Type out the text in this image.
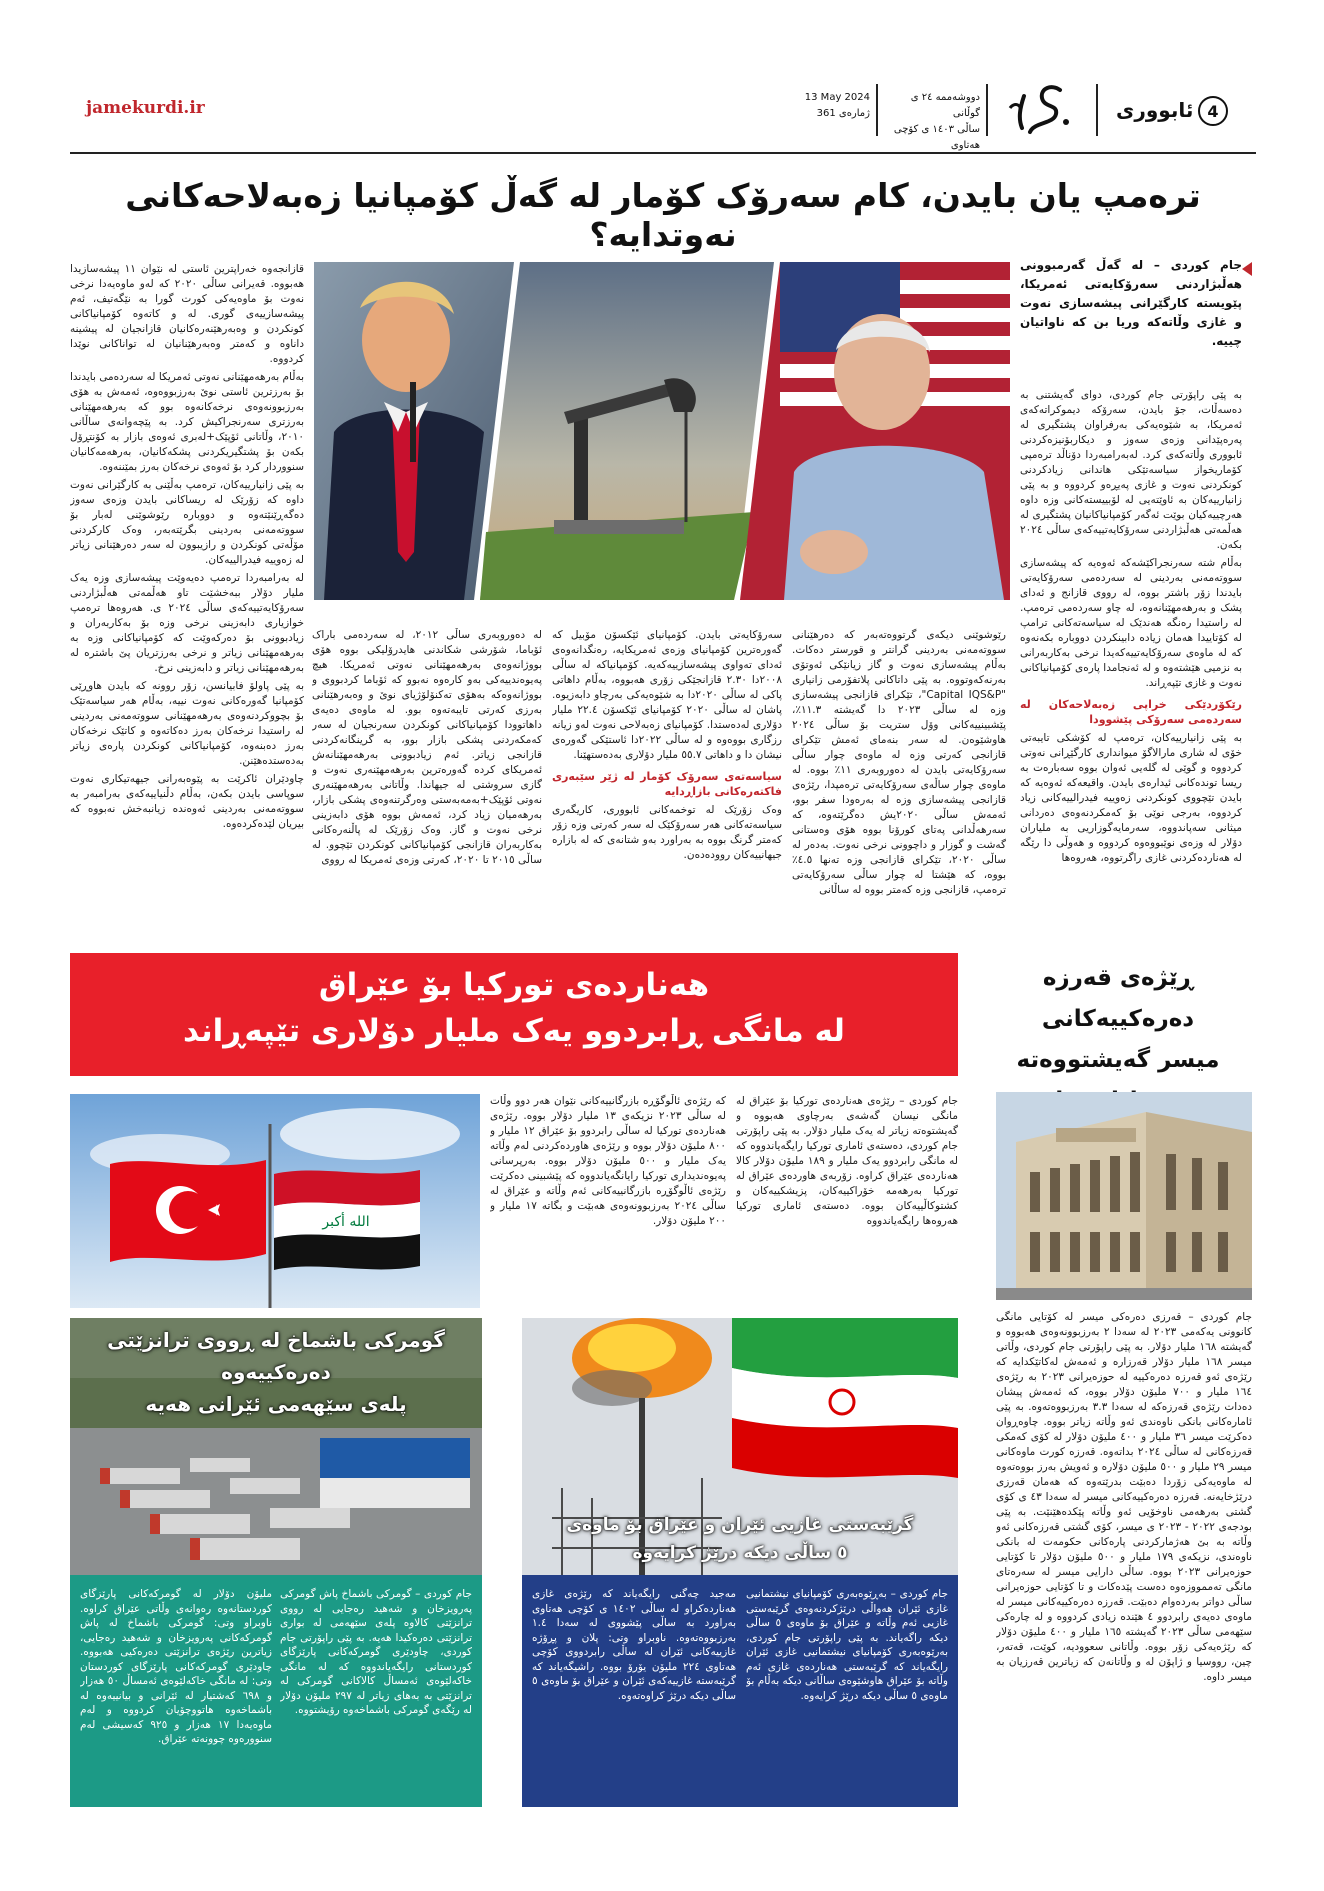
4
ئابووری
دووشەممە ٢٤ ی گوڵانی
ساڵی ١٤٠٣ ی کۆچی هەتاوی
13 May 2024
ژمارەی 361
jamekurdi.ir
ترەمپ یان بایدن، کام سەرۆک کۆمار لە گەڵ کۆمپانیا زەبەلاحەکانی نەوتدایە؟
جام کوردی – لە گەڵ گەرمبوونی هەڵبژاردنی سەرۆکایەتی ئەمریکا، پێویستە کارگێرانی پیشەسازی نەوت و غازی وڵاتەکە وریا بن کە ناواتیان چییە.

بە پێی راپۆرتی جام کوردی، دوای گەیشتنی بە دەسەڵات، جۆ بایدن، سەرۆکە دیموکراتەکەی ئەمریکا، بە شێوەیەکی بەرفراوان پشتگیری لە پەرەپێدانی وزەی سەوز و دیکاربۆنیزەکردنی ئابووری وڵاتەکەی کرد. لەبەرامبەردا دۆناڵد ترەمپی کۆماریخواز سیاسەتێکی هاندانی زیادکردنی کونکردنی نەوت و غازی پەیڕەو کردووە و بە پێی زانیارییەکان بە ئاوێتەیی لە لۆبییستەکانی وزە داوە هەرچییەکیان بوێت ئەگەر کۆمپانیاکانیان پشتگیری لە هەڵمەتی هەڵبژاردنی سەرۆکایەتییەکەی ساڵی ٢٠٢٤ بکەن.

بەڵام شتە سەرنجراکێشەکە ئەوەیە کە پیشەسازی سووتەمەنی بەردینی لە سەردەمی سەرۆکایەتی بایدندا زۆر باشتر بووە، لە رووی قازانج و ئەدای پشک و بەرهەمهێنانەوە، لە چاو سەردەمی ترەمپ. لە راستیدا رەنگە هەندێک لە سیاسەتەکانی ترامپ لە کۆتاییدا هەمان زیادە دابینکردن دووبارە بکەنەوە کە لە ماوەی سەرۆکایەتییەکەیدا نرخی بەکاربەرانی بە نزمیی هێشتەوە و لە ئەنجامدا پارەی کۆمپانیاکانی نەوت و غازی تێپەڕاند.

رێکۆردێکی خراپی زەبەلاحەکان لە سەردەمی سەرۆکی پێشوودا

بە پێی زانیارییەکان، ترەمپ لە کۆشکی تایبەتی خۆی لە شاری مارالاگۆ میوانداری کارگێڕانی نەوتی کردووە و گوێی لە گلەیی ئەوان بووە سەبارەت بە ریسا توندەکانی ئیدارەی بایدن. واقیعەکە ئەوەیە کە بایدن تێچووی کونکردنی زەوییە فیدرالییەکانی زیاد کردووە، بەرجی نوێی بۆ کەمکردنەوەی دەردانی میثانی سەپاندووە، سەرمایەگوزاریی بە ملیاران دۆلار لە وزەی نوێبووەوە کردووە و هەوڵی دا رێگە لە هەناردەکردنی غازی راگرتووە، هەروەها

رێوشوێنی دیکەی گرتووەتەبەر کە دەرهێنانی سووتەمەنی بەردینی گرانتر و قورستر دەکات. بەڵام پیشەسازی نەوت و گاز زیانێکی ئەوتۆی بەرنەکەوتووە. بە پێی داتاکانی پلاتفۆرمی زانیاری "Capital IQS&P"، تێکرای قازانجی پیشەسازی وزە لە ساڵی ٢٠٢٣ دا گەیشتە ١١.٣٪، پێشبینییەکانی وۆل ستریت بۆ ساڵی ٢٠٢٤ هاوشێوەن. لە سەر بنەمای ئەمش تێکرای قازانجی کەرتی وزە لە ماوەی چوار ساڵی سەرۆکایەتی بایدن لە دەوروبەری ١١٪ بووە. لە ماوەی چوار ساڵەی سەرۆکایەتی ترەمپدا، رێژەی قازانجی پیشەسازی وزە لە بەرەودا سفر بوو، ئەمەش ساڵی ٢٠٢٠یش دەگرێتەوە، کە سەرهەڵدانی پەتای کورۆنا بووە هۆی وەستانی گەشت و گوزار و داچوونی نرخی نەوت. بەدەر لە ساڵی ٢٠٢٠، تێکرای قازانجی وزە تەنها ٤.٥٪ بووە، کە هێشتا لە چوار ساڵی سەرۆکایەتی ترەمپ، قازانجی وزە کەمتر بووە لە ساڵانی

سەرۆکایەتی بایدن. کۆمپانیای ئێکسۆن مۆبیل کە گەورەترین کۆمپانیای وزەی ئەمریکایە، رەنگدانەوەی ئەدای تەواوی پیشەسازییەکەیە. کۆمپانیاکە لە ساڵی ٢٠٠٨دا ٢.٣٠ قازانجێکی زۆری هەبووە، بەڵام داهاتی پاکی لە ساڵی ٢٠٢٠دا بە شێوەیەکی بەرچاو دابەزیوە. پاشان لە ساڵی ٢٠٢٠ کۆمپانیای ئێکسۆن ٢٢.٤ ملیار دۆلاری لەدەستدا. کۆمپانیای زەبەلاحی نەوت لەو زیانە رزگاری بووەوە و لە ساڵی ٢٠٢٢دا ئاستێکی گەورەی نیشان دا و داهاتی ٥٥.٧ ملیار دۆلاری بەدەستهێنا.

سیاسەتەی سەرۆک کۆمار لە ژێر سێبەری فاکتەرەکانی بازاڕدایە

وەک زۆرێک لە توخمەکانی ئابووری، کاریگەری سیاسەتەکانی هەر سەرۆکێک لە سەر کەرتی وزە زۆر کەمتر گرنگ بووە بە بەراورد بەو شتانەی کە لە بازارە جیهانییەکان روودەدەن.

لە دەوروبەری ساڵی ٢٠١٢، لە سەردەمی باراک ئۆباما، شۆرشی شکاندنی هایدرۆلیکی بووە هۆی بووژانەوەی بەرهەمهێنانی نەوتی ئەمریکا. هیچ پەیوەندییەکی بەو کارەوە نەبوو کە ئۆباما کردبووی و بووژانەوەکە بەهۆی تەکنۆلۆژیای نوێ و وەبەرهێنانی بەرزی کەرتی تایبەتەوە بوو. لە ماوەی دەیەی داهاتوودا کۆمپانیاکانی کونکردن سەرنجیان لە سەر کەمکەردنی پشکی بازار بوو، بە گرینگانەکردنی قازانجی زیاتر. ئەم زیادبوونی بەرهەمهێنانەش ئەمریکای کردە گەورەترین بەرهەمهێنەری نەوت و گازی سروشتی لە جیهاندا. وڵاتانی بەرهەمهێنەری نەوتی ئۆپێک+بەمەبەستی وەرگرتنەوەی پشکی بازار، بەرهەمیان زیاد کرد، ئەمەش بووە هۆی دابەزینی نرخی نەوت و گاز. وەک زۆرێک لە پاڵنەرەکانی بەکاربەران قازانجی کۆمپانیاکانی کونکردن تێچوو. لە ساڵی ٢٠١٥ تا ٢٠٢٠، کەرتی وزەی ئەمریکا لە رووی

قازانجەوە خەراپترین ئاستی لە نێوان ١١ پیشەسازیدا هەبووە. قەیرانی ساڵی ٢٠٢٠ کە لەو ماوەیەدا نرخی نەوت بۆ ماوەیەکی کورت گورا بە نێگەتیف، ئەم پیشەسازییەی گوری. لە و کاتەوە کۆمپانیاکانی کونکردن و وەبەرهێنەرەکانیان قازانجیان لە پیشینە داناوە و کەمتر وەبەرهێنانیان لە تواناکانی نوێدا کردووە.

بەڵام بەرهەمهێنانی نەوتی ئەمریکا لە سەردەمی بایدندا بۆ بەرزترین ئاستی نوێ بەرزبووەوە، ئەمەش بە هۆی بەرزبوونەوەی نرخەکانەوە بوو کە بەرهەمهێنانی بەرزتری سەرنجراکیش کرد. بە پێچەوانەی ساڵانی ٢٠١٠، وڵاتانی ئۆپێک+لەبری ئەوەی بازار بە کۆنتڕۆل بکەن بۆ پشتگیریکردنی پشکەکانیان، بەرهەمەکانیان سنووردار کرد بۆ ئەوەی نرخەکان بەرز بمێننەوە.

بە پێی زانیارییەکان، ترەمپ بەڵێنی بە کارگێرانی نەوت داوە کە زۆرێک لە ریساکانی بایدن وزەی سەوز دەگەڕێنێتەوە و دووباره رێوشوێنی لەبار بۆ سووتەمەنی بەردینی بگرێتەبەر، وەک کارکردنی مۆڵەتی کونکردن و رازیبوون لە سەر دەرهێنانی زیاتر لە زەوییە فیدرالییەکان.

لە بەرامبەردا ترەمپ دەیەوێت پیشەسازی وزە یەک ملیار دۆلار ببەخشێت تاو هەڵمەتی هەڵبژاردنی سەرۆکایەتییەکەی ساڵی ٢٠٢٤ ی. هەروەها ترەمپ خوازیاری دابەزینی نرخی وزە بۆ بەکاربەران و زیادبوونی بۆ دەرکەوێت کە کۆمپانیاکانی وزە بە بەرهەمهێنانی زیاتر و نرخی بەرزتریان پێ باشترە لە بەرهەمهێنانی زیاتر و دابەزینی نرخ.

بە پێی پاولۆ فابیانسن، زۆر روونە کە بایدن هاوڕێی کۆمپانیا گەورەکانی نەوت نییە، بەڵام هەر سیاسەتێک بۆ بچووکردنەوەی بەرهەمهێنانی سووتەمەنی بەردینی لە راستیدا نرخەکان بەرز دەکاتەوە و کاتێک نرخەکان بەرز دەبنەوە، کۆمپانیاکانی کونکردن پارەی زیاتر بەدەستدەهێنن.

چاودێران ئاکرێت بە پێوەبەرانی جیهەتیکاری نەوت سوپاسی بایدن بکەن، بەڵام دڵنیاییەکەی بەرامبەر بە سووتەمەنی بەردینی ئەوەندە زیانبەخش نەبووە کە بیریان لێدەکردەوە.

هەناردەی تورکیا بۆ عێراق
لە مانگی ڕابردوو یەک ملیار دۆلاری تێپەڕاند

جام کوردی – رێژەی هەناردەی تورکیا بۆ عێراق لە مانگی نیسان گەشەی بەرچاوی هەبووە و گەیشتوەتە زیاتر لە یەک ملیار دۆلار. بە پێی راپۆرتی جام کوردی، دەستەی ئاماری تورکیا رایگەیاندووە کە لە مانگی رابردوو یەک ملیار و ١٨٩ ملیۆن دۆلار کالا هەناردەی عێراق کراوە. زۆربەی هاوردەی عێراق لە تورکیا بەرهەمە خۆراکییەکان، پزیشکییەکان و کشتوکاڵییەکان بووە. دەستەی ئاماری تورکیا هەروەها رایگەیاندووە

کە رێژەی ئاڵوگۆڕە بازرگانییەکانی نێوان هەر دوو وڵات لە ساڵی ٢٠٢٣ نزیکەی ١٣ ملیار دۆلار بووە. رێژەی هەناردەی تورکیا لە ساڵی رابردوو بۆ عێراق ١٢ ملیار و ٨٠٠ ملیۆن دۆلار بووە و رێژەی هاوردەکردنی لەم وڵاتە یەک ملیار و ٥٠٠ ملیۆن دۆلار بووە. بەرپرسانی پەیوەندیداری تورکیا رایانگەیاندووە کە پێشبینی دەکرێت رێژەی ئاڵوگۆڕە بازرگانییەکانی ئەم وڵاتە و عێراق لە ساڵی ٢٠٢٤ بەرزبوونەوەی هەبێت و بگاتە ١٧ ملیار و ٢٠٠ ملیۆن دۆلار.

الله أكبر
ڕێژەی قەرزە دەرەکییەکانی
میسر گەیشتووەتە

جام کوردی – قەرزی دەرەکی میسر لە کۆتایی مانگی کانوونی یەکەمی ٢٠٢٣ لە سەدا ٢ بەرزبوونەوەی هەبووە و گەیشتە ١٦٨ ملیار دۆلار. بە پێی راپۆرتی جام کوردی، وڵاتی میسر ١٦٨ ملیار دۆلار قەرزاره و ئەمەش لەکاتێکدایە کە رێژەی ئەو قەرزە دەرەکییە لە حوزەیرانی ٢٠٢٣ بە رێژەی ١٦٤ ملیار و ٧٠٠ ملیۆن دۆلار بووە، کە ئەمەش پیشان دەدات رێژەی قەرزەکە لە سەدا ٣.٣ بەرزبووەتەوە. بە پێی ئامارەکانی بانکی ناوەندی ئەو وڵاتە زیاتر بووە. چاوەڕوان دەکرێت میسر ٣٦ ملیار و ٤٠٠ ملیۆن دۆلار لە کۆی کەمکی قەرزەکانی لە ساڵی ٢٠٢٤ بداتەوە. قەرزە کورت ماوەکانی میسر ٢٩ ملیار و ٥٠٠ ملیۆن دۆلارە و ئەویش بەرز بووەتەوە لە ماوەیەکی زۆردا دەبێت بدرێتەوە کە هەمان قەرزی درێژخایەنە. قەرزە دەرەکییەکانی میسر لە سەدا ٤٣ ی کۆی گشتی بەرهەمی ناوخۆیی ئەو وڵاتە پێکدەهێنێت. بە پێی بودجەی ٢٠٢٢ - ٢٠٢٣ ی میسر، کۆی گشتی قەرزەکانی ئەو وڵاتە بە بێ هەژمارکردنی پارەکانی حکومەت لە بانکی ناوەندی، نزیکەی ١٧٩ ملیار و ٥٠٠ ملیۆن دۆلار تا کۆتایی حوزەیرانی ٢٠٢٣ بووە. ساڵی دارایی میسر لە سەرەتای مانگی تەممووزەوە دەست پێدەکات و تا کۆتایی حوزەیرانی ساڵی دواتر بەردەوام دەبێت. قەرزە دەرەکییەکانی میسر لە ماوەی دەیەی رابردوو ٤ هێندە زیادی کردووە و لە چارەکی سێهەمی ساڵی ٢٠٢٣ گەیشتە ١٦٥ ملیار و ٤٠٠ ملیۆن دۆلار کە رێژەیەکی زۆر بووە. وڵاتانی سعوودیە، کوێت، قەتەر، چین، رووسیا و ژاپۆن لە و وڵاتانەن کە زیاترین قەرزیان بە میسر داوە.

گومرکی باشماخ لە ڕووی ترانزێتی دەرەکییەوە
پلەی سێهەمی ئێرانی هەیە

جام کوردی – گومرکی باشماخ پاش گومرکی پەرویزخان و شەهید رەجایی لە رووی ترانزێتی کالاوە پلەی سێهەمی لە بواری ترانزێتی دەرەکیدا هەیە. بە پێی راپۆرتی جام کوردی، چاودێری گومرکەکانی پارێزگای کوردستانی رایگەیاندووە کە لە مانگی خاکەلێوەی ئەمساڵ کالاکانی گومرکی لە ترانزێتی بە بەهای زیاتر لە ٢٩٧ ملیۆن دۆلار لە رێگەی گومرکی باشماخەوە رۆیشتووە.

ملیۆن دۆلار لە گومرکەکانی پارێزگای کوردستانەوە رەوانەی وڵاتی عێراق کراوە. ناوبراو وتی: گومرکی باشماخ لە پاش گومرکەکانی پەرویزخان و شەهید رەجایی، زیاترین رێژەی ترانزێتی دەرەکیی هەبووە. چاودێری گومرکەکانی پارێزگای کوردستان وتی: لە مانگی خاکەلێوەی ئەمساڵ ٥٠ هەزار و ٦٩٨ کەشتیار لە ئێرانی و بیانییەوە لە باشماخەوە هاتووچۆیان کردووە و لەم ماوەیەدا ١٧ هەزار و ٩٢٥ کەسیشی لەم سنوورەوە چوونەتە عێراق.

گرێبەستی غازیی ئێران و عێراق بۆ ماوەی
٥ ساڵی دیکە درێژ کرایەوە

جام کوردی – بەڕێوەبەری کۆمپانیای نیشتمانیی غازی ئێران هەواڵی درێژکردنەوەی گرێبەستی غازیی ئەم وڵاتە و عێراق بۆ ماوەی ٥ ساڵی دیکە راگەیاند. بە پێی راپۆرتی جام کوردی، بەرێوەبەری کۆمپانیای نیشتمانیی غازی ئێران رایگەیاند کە گرێبەستی هەناردەی غازی ئەم وڵاتە بۆ عێراق هاوشێوەی ساڵانی دیکە بەڵام بۆ ماوەی ٥ ساڵی دیکە درێژ کرایەوە.

مەجید چەگنی رایگەیاند کە رێژەی غازی هەناردەکراو لە ساڵی ١٤٠٢ ی کۆچی هەتاوی بەراورد بە ساڵی پێشووی لە سەدا ١.٤ بەرزبووەتەوە. ناوبراو وتی: پلان و پڕۆژە غازییەکانی ئێران لە ساڵی رابردووی کۆچی هەتاوی ٢٢٤ ملیۆن یۆرۆ بووە. راشیگەیاند کە گرێبەستە غازییەکەی ئێران و عێراق بۆ ماوەی ٥ ساڵی دیکە درێژ کراوەتەوە.
